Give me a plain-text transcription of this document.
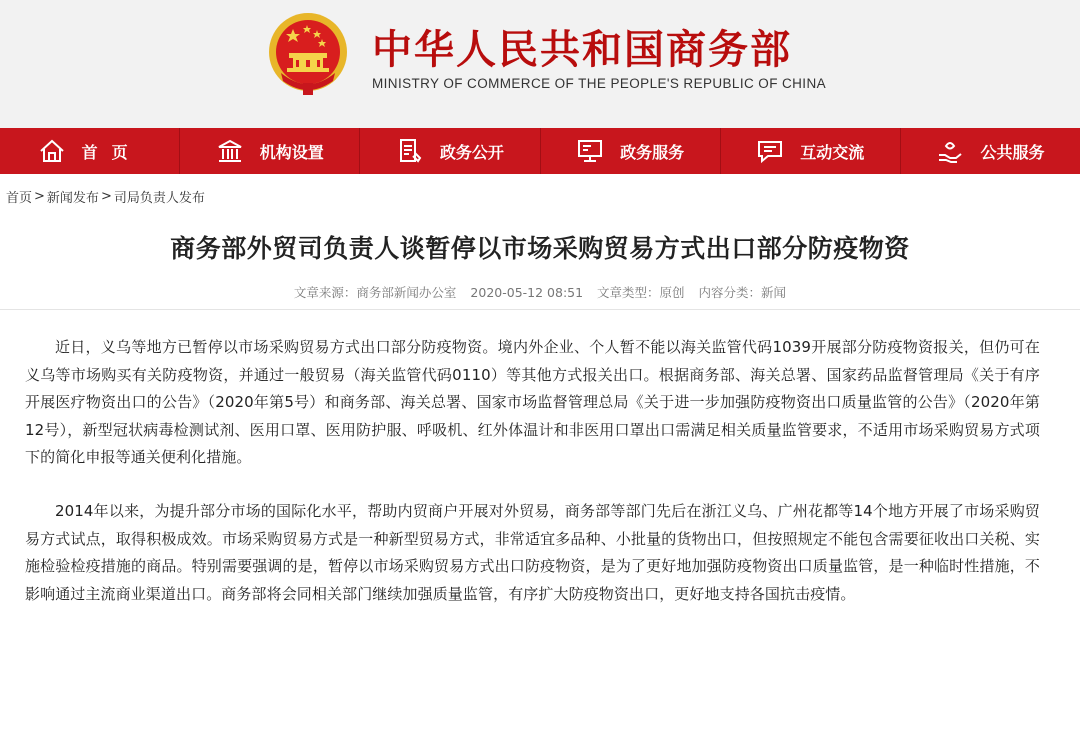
中华人民共和国商务部
MINISTRY OF COMMERCE OF THE PEOPLE'S REPUBLIC OF CHINA
首页	机构设置	政务公开	政务服务	互动交流	公共服务
首页 > 新闻发布 > 司局负责人发布
商务部外贸司负责人谈暂停以市场采购贸易方式出口部分防疫物资
文章来源：商务部新闻办公室 2020-05-12 08:51 文章类型：原创 内容分类：新闻

近日，义乌等地方已暂停以市场采购贸易方式出口部分防疫物资。境内外企业、个人暂不能以海关监管代码1039开展部分防疫物资报关，但仍可在义乌等市场购买有关防疫物资，并通过一般贸易（海关监管代码0110）等其他方式报关出口。根据商务部、海关总署、国家药品监督管理局《关于有序开展医疗物资出口的公告》（2020年第5号）和商务部、海关总署、国家市场监督管理总局《关于进一步加强防疫物资出口质量监管的公告》（2020年第12号），新型冠状病毒检测试剂、医用口罩、医用防护服、呼吸机、红外体温计和非医用口罩出口需满足相关质量监管要求，不适用市场采购贸易方式项下的简化申报等通关便利化措施。

2014年以来，为提升部分市场的国际化水平，帮助内贸商户开展对外贸易，商务部等部门先后在浙江义乌、广州花都等14个地方开展了市场采购贸易方式试点，取得积极成效。市场采购贸易方式是一种新型贸易方式，非常适宜多品种、小批量的货物出口，但按照规定不能包含需要征收出口关税、实施检验检疫措施的商品。特别需要强调的是，暂停以市场采购贸易方式出口防疫物资，是为了更好地加强防疫物资出口质量监管，是一种临时性措施，不影响通过主流商业渠道出口。商务部将会同相关部门继续加强质量监管，有序扩大防疫物资出口，更好地支持各国抗击疫情。
